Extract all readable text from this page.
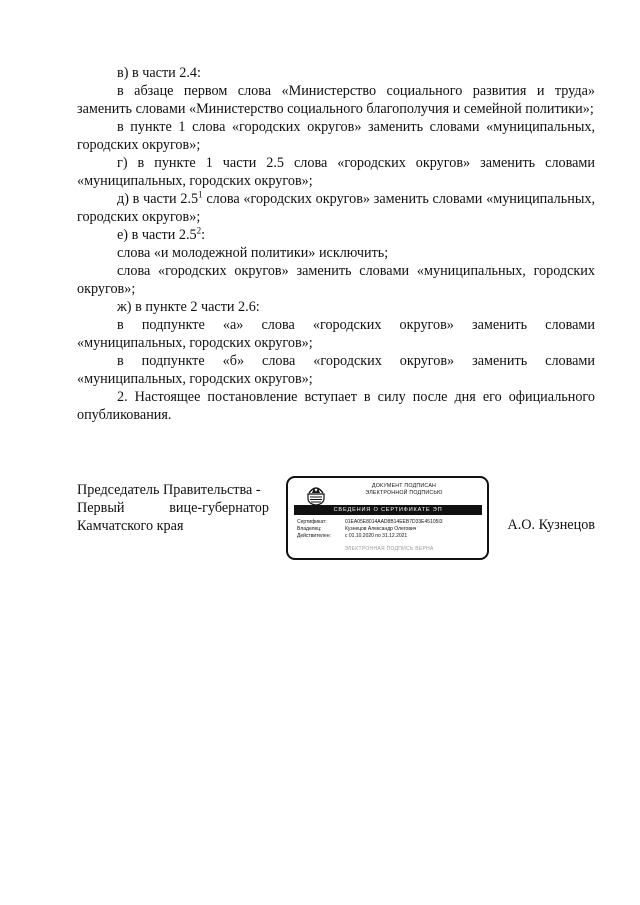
в) в части 2.4:

в абзаце первом слова «Министерство социального развития и труда» заменить словами «Министерство социального благополучия и семейной политики»;

в пункте 1 слова «городских округов» заменить словами «муниципальных, городских округов»;

г) в пункте 1 части 2.5 слова «городских округов» заменить словами «муниципальных, городских округов»;

д) в части $2.5^1$ слова «городских округов» заменить словами «муниципальных, городских округов»;

е) в части $2.5^2$:

слова «и молодежной политики» исключить;

слова «городских округов» заменить словами «муниципальных, городских округов»;

ж) в пункте 2 части 2.6:

в подпункте «а» слова «городских округов» заменить словами «муниципальных, городских округов»;

в подпункте «б» слова «городских округов» заменить словами «муниципальных, городских округов»;

2. Настоящее постановление вступает в силу после дня его официального опубликования.

Председатель Правительства -
Первый	вице-губернатор
Камчатского края
ДОКУМЕНТ ПОДПИСАН
ЭЛЕКТРОННОЙ ПОДПИСЬЮ
СВЕДЕНИЯ О СЕРТИФИКАТЕ ЭП
Сертификат:	01EA05E8014AAD8B14EEB7D33E45105I3
Владелец:	Кузнецов Александр Олегович
Действителен:	с 01.10.2020 по 31.12.2021
ЭЛЕКТРОННАЯ ПОДПИСЬ ВЕРНА
А.О. Кузнецов
